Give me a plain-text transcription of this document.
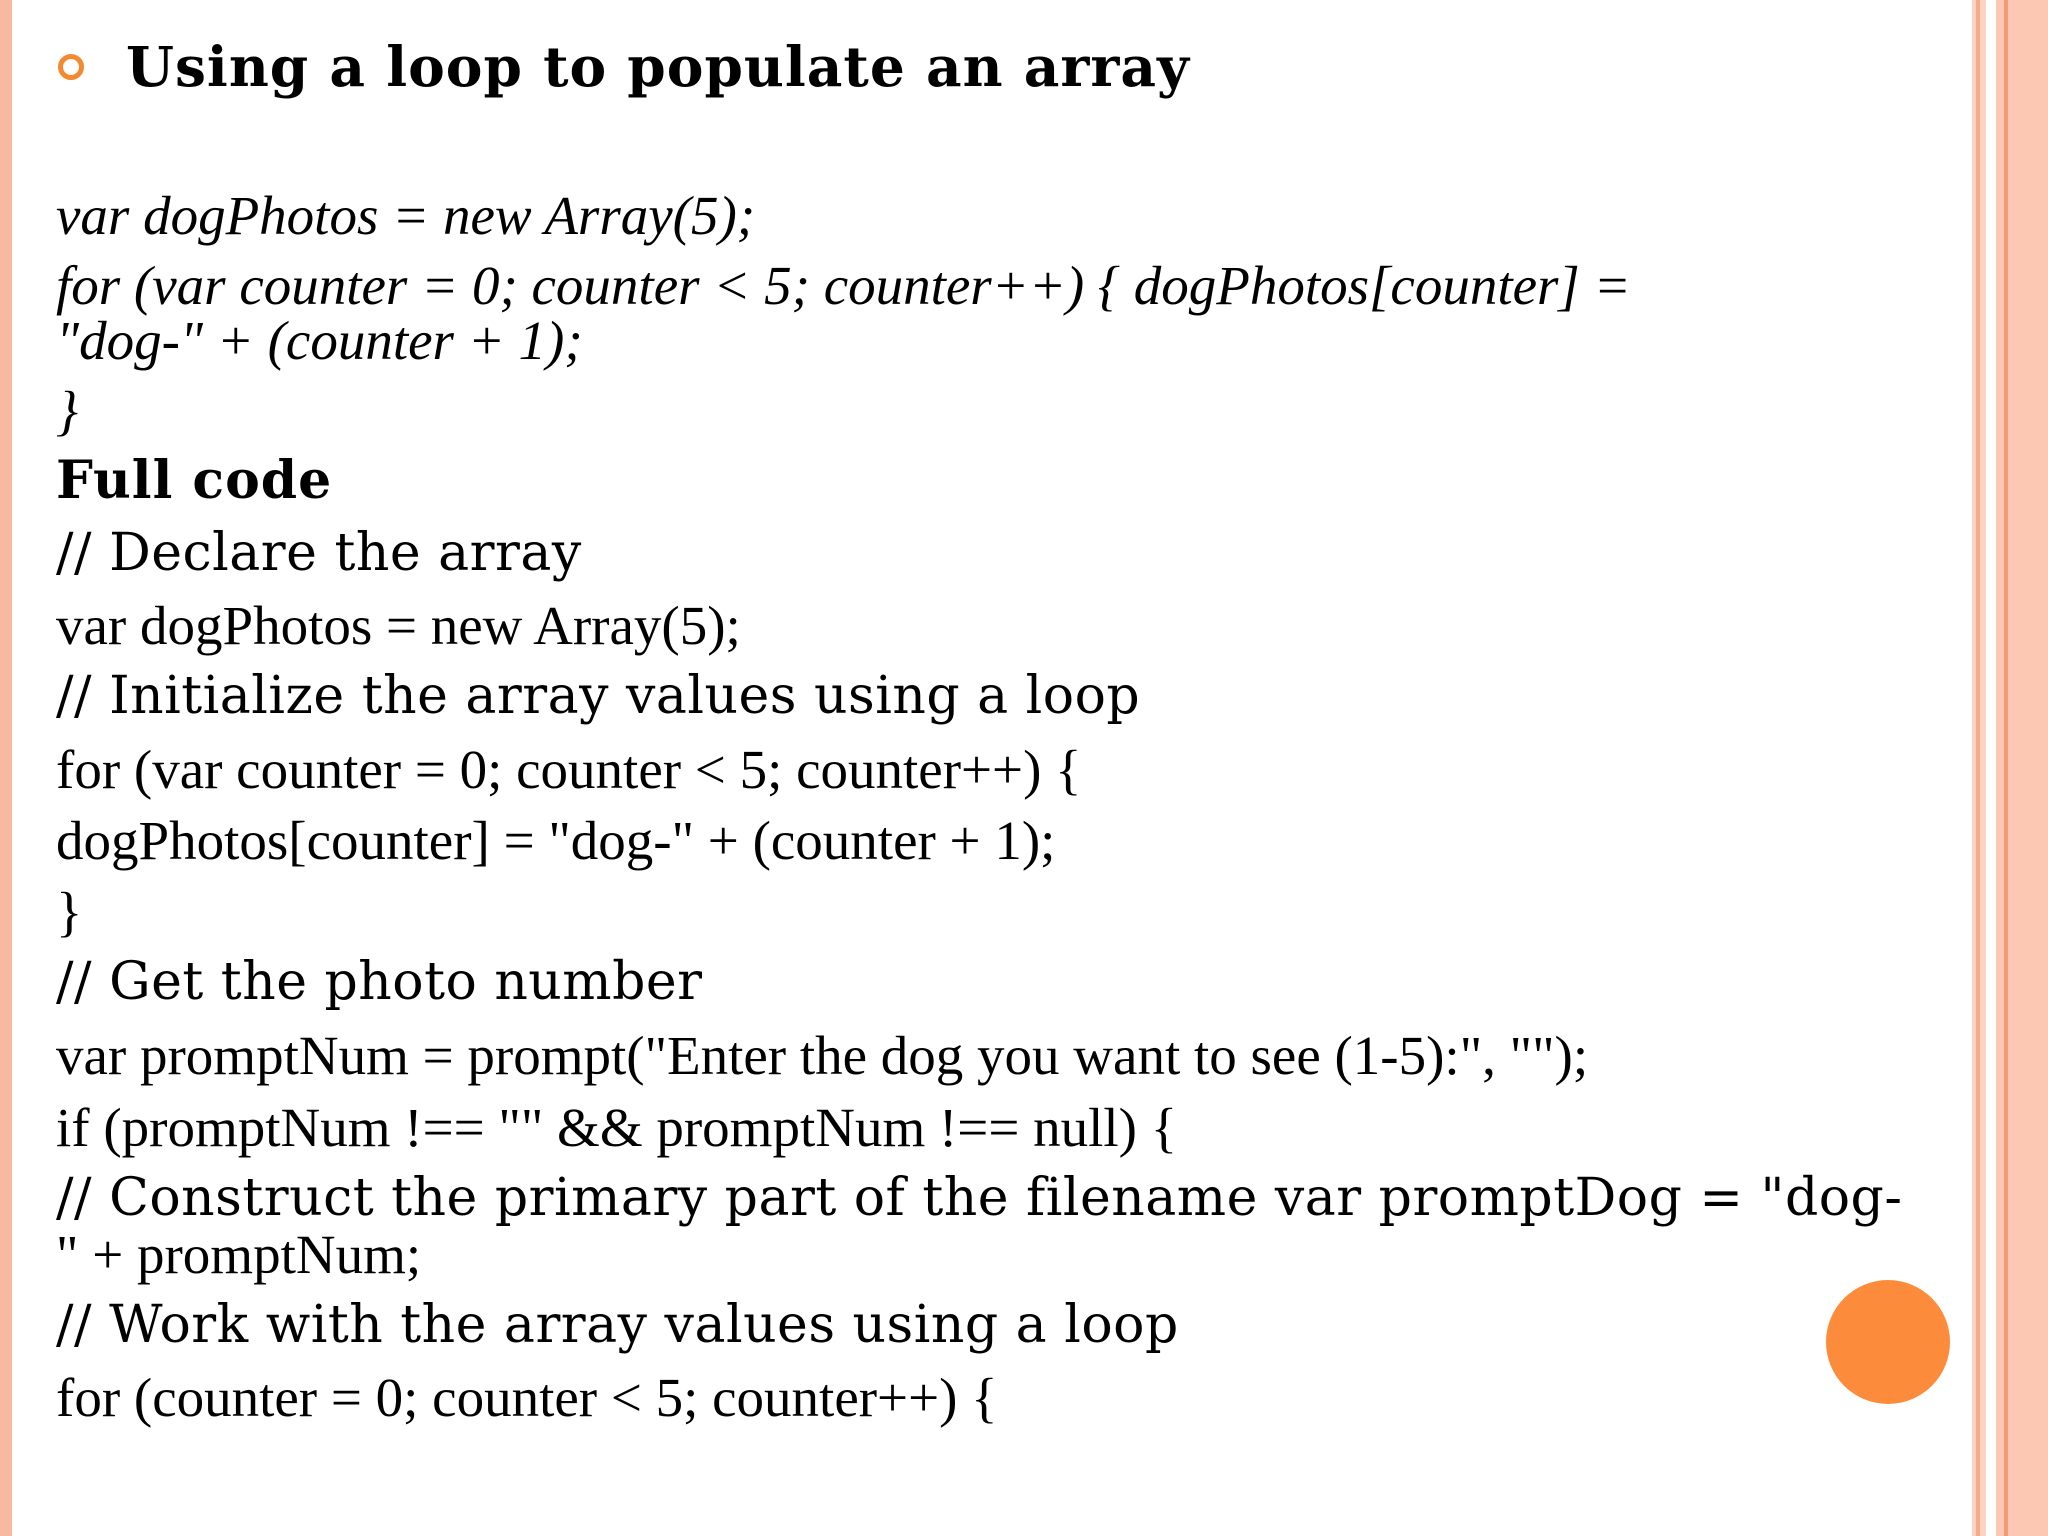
Using a loop to populate an array
var dogPhotos = new Array(5);
for (var counter = 0; counter < 5; counter++) { dogPhotos[counter] =
"dog-" + (counter + 1);
}
Full code
// Declare the array
var dogPhotos = new Array(5);
// Initialize the array values using a loop
for (var counter = 0; counter < 5; counter++) {
dogPhotos[counter] = "dog-" + (counter + 1);
}
// Get the photo number
var promptNum = prompt("Enter the dog you want to see (1-5):", "");
if (promptNum !== "" && promptNum !== null) {
// Construct the primary part of the filename var promptDog = "dog-
" + promptNum;
// Work with the array values using a loop
for (counter = 0; counter < 5; counter++) {
